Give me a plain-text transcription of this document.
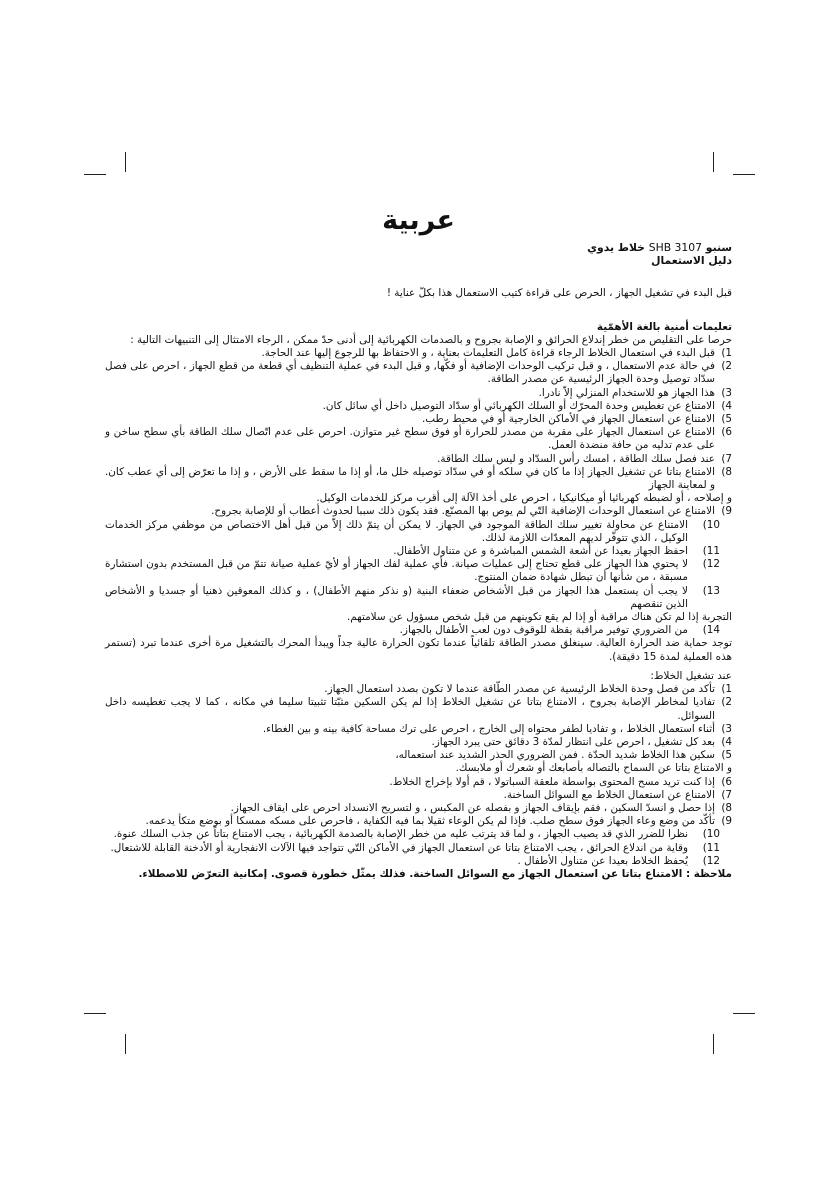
عربية
سنبو SHB 3107 خلاط يدوي
دليل الاستعمال
قبل البدء في تشغيل الجهاز ، الحرص على قراءة كتيب الاستعمال هذا بكلّ عناية !
تعليمات أمنية بالغة الأهمّية
حرصا على التقليص من خطر إندلاع الحرائق و الإصابة بجروح و بالصدمات الكهربائية إلى أدنى حدّ ممكن ، الرجاء الامتثال إلى التنبيهات التالية :
1)
قبل البدء في استعمال الخلاط الرجاء قراءة كامل التعليمات بعناية ، و الاحتفاظ بها للرجوع إليها عند الحاجة.
2)
في حالة عدم الاستعمال ، و قبل تركيب الوحدات الإضافية أو فكّها, و قبل البدء في عملية التنظيف أي قطعة من قطع الجهاز ، احرص على فصل سدّاد توصيل وحدة الجهاز الرئيسية عن مصدر الطاقة.
3)
هذا الجهاز هو للاستخدام المنزلي إلاّ نادرا.
4)
الامتناع عن تغطيس وحدة المحرّك أو السلك الكهربائي أو سدّاد التوصيل داخل أي سائل كان.
5)
الامتناع عن استعمال الجهاز في الأماكن الخارجية أو في محيط رطب.
6)
الامتناع عن استعمال الجهاز على مقربة من مصدر للحرارة أو فوق سطح غير متوازن. احرص على عدم اتّصال سلك الطاقة بأي سطح ساخن و على عدم تدليه من حافة منضدة العمل.
7)
عند فصل سلك الطاقة ، امسك رأس السدّاد و ليس سلك الطاقة.
8)
الامتناع بتاتا عن تشغيل الجهاز إذا ما كان في سلكه أو في سدّاد توصيله خلل ما، أو إذا ما سقط على الأرض ، و إذا ما تعرّض إلى أي عطب كان. و لمعاينة الجهاز
و إصلاحه ، أو لضبطه كهربائيا أو ميكانيكيا ، احرص على أخذ الآلة إلى أقرب مركز للخدمات الوكيل.
9)
الامتناع عن استعمال الوحدات الإضافية التّي لم يوص بها المصنّع. فقد يكون ذلك سببا لحدوث أعطاب أو للإصابة بجروح.
10)
الامتناع عن محاولة تغيير سلك الطاقة الموجود في الجهاز. لا يمكن أن يتمّ ذلك إلاّ من قبل أهل الاختصاص من موظفي مركز الخدمات الوكيل ، الذي تتوفّر لديهم المعدّات اللازمة لذلك.
11)
احفظ الجهاز بعيدا عن أشعة الشمس المباشرة و عن متناول الأطفال.
12)
لا يحتوي هذا الجهاز على قطع تحتاج إلى عمليات صيانة. فأي عملية لفك الجهاز أو لأيّ عملية صيانة تتمّ من قبل المستخدم بدون استشارة مسبقة ، من شأنها أن تبطل شهادة ضمان المنتوج.
13)
لا يجب أن يستعمل هذا الجهاز من قبل الأشخاص ضعفاء البنية (و نذكر منهم الأطفال) ، و كذلك المعوقين ذهنيا أو جسديا و الأشخاص الذين تنقصهم
التجربة إذا لم تكن هناك مراقبة أو إذا لم يقع تكوينهم من قبل شخص مسؤول عن سلامتهم.
14)
من الضروري توفير مراقبة يقظة للوقوف دون لعب الأطفال بالجهاز.
توجد حماية ضد الحرارة العالية. سينغلق مصدر الطاقة تلقائياً عندما تكون الحرارة عالية جداً ويبدأ المحرك بالتشغيل مرة أخرى عندما تبرد (تستمر هذه العملية لمدة 15 دقيقة).
عند تشغيل الخلاط:
1)
تأكد من فصل وحدة الخلاط الرئيسية عن مصدر الطّاقة عندما لا تكون بصدد استعمال الجهاز.
2)
تفاديا لمخاطر الإصابة بجروح ، الامتناع بتاتا عن تشغيل الخلاط إذا لم يكن السكين مثبّتا تثبيتا سليما في مكانه ، كما لا يجب تغطيسه داخل السوائل.
3)
أثناء استعمال الخلاط ، و تفاديا لطفر محتواه إلى الخارج ، احرص على ترك مساحة كافية بينه و بين الغطاء.
4)
بعد كل تشغيل ، احرص على انتظار لمدّة 3 دقائق حتى يبرد الجهاز.
5)
سكين هذا الخلاط شديد الحدّة . فمن الضروري الحذر الشديد عند استعماله،
و الامتناع بتاتا عن السماح بالتصاله بأصابعك أو شعرك أو ملابسك.
6)
إذا كنت تريد مسح المحتوى بواسطة ملعقة السباتولا ، قم أولا بإخراج الخلاط.
7)
الامتناع عن استعمال الخلاط مع السوائل الساخنة.
8)
إذا حصل و انسدّ السكين ، فقم بإيقاف الجهاز و بفصله عن المكبس ، و لتسريح الانسداد احرص على ايقاف الجهاز.
9)
تأكّد من وضع وعاء الجهاز فوق سطح صلب. فإذا لم يكن الوعاء ثقيلا بما فيه الكفاية ، فاحرص على مسكه ممسكا أو بوضع متكأ يدعمه.
10)
نظرا للضرر الذي قد يصيب الجهاز ، و لما قد يترتب عليه من خطر الإصابة بالصدمة الكهربائية ، يجب الامتناع بتاتاً عن جذب السلك عنوة.
11)
وقاية من اندلاع الحرائق ، يجب الامتناع بتاتا عن استعمال الجهاز في الأماكن التّي تتواجد فيها الآلات الانفجارية أو الأدخنة القابلة للاشتعال.
12)
يُحفظ الخلاط بعيدا عن متناول الأطفال .
ملاحظة : الامتناع بتاتا عن استعمال الجهاز مع السوائل الساخنة. فذلك يمثّل خطورة قصوى. إمكانية التعرّض للاصطلاء.
